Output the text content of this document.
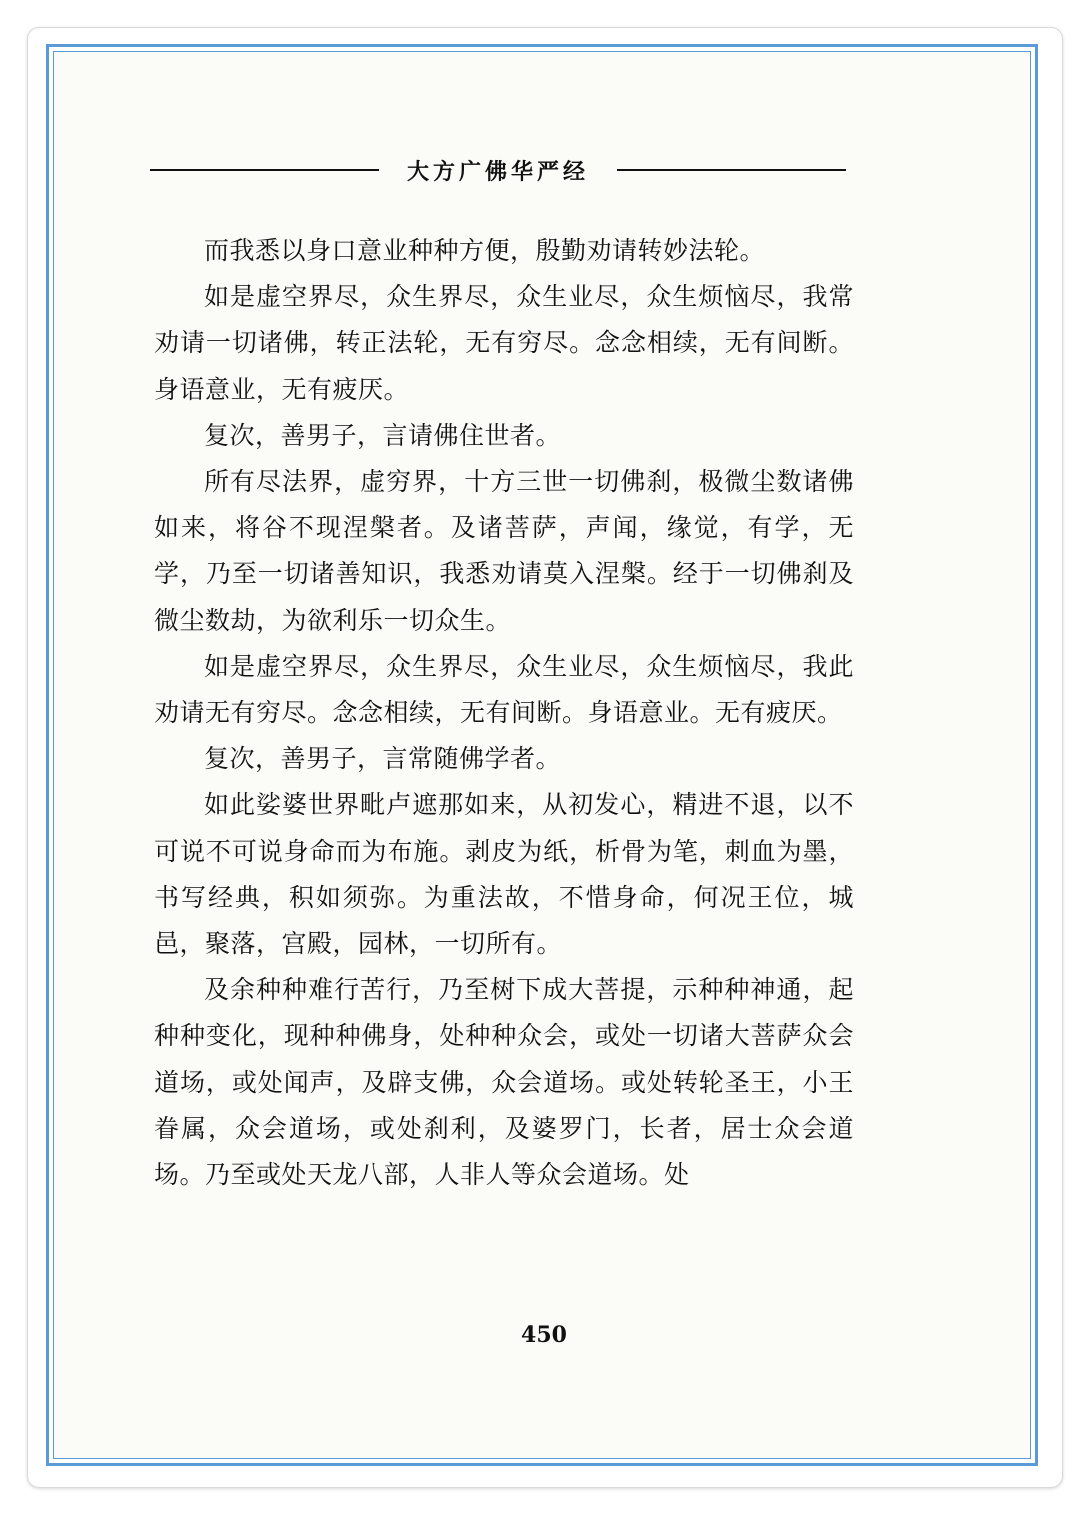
大方广佛华严经

而我悉以身口意业种种方便，殷勤劝请转妙法轮。

如是虚空界尽，众生界尽，众生业尽，众生烦恼尽，我常劝请一切诸佛，转正法轮，无有穷尽。念念相续，无有间断。身语意业，无有疲厌。

复次，善男子，言请佛住世者。

所有尽法界，虚穷界，十方三世一切佛刹，极微尘数诸佛如来，将谷不现涅槃者。及诸菩萨，声闻，缘觉，有学，无学，乃至一切诸善知识，我悉劝请莫入涅槃。经于一切佛刹及微尘数劫，为欲利乐一切众生。

如是虚空界尽，众生界尽，众生业尽，众生烦恼尽，我此劝请无有穷尽。念念相续，无有间断。身语意业。无有疲厌。

复次，善男子，言常随佛学者。

如此娑婆世界毗卢遮那如来，从初发心，精进不退，以不可说不可说身命而为布施。剥皮为纸，析骨为笔，刺血为墨，书写经典，积如须弥。为重法故，不惜身命，何况王位，城邑，聚落，宫殿，园林，一切所有。

及余种种难行苦行，乃至树下成大菩提，示种种神通，起种种变化，现种种佛身，处种种众会，或处一切诸大菩萨众会道场，或处闻声，及辟支佛，众会道场。或处转轮圣王，小王眷属，众会道场，或处刹利，及婆罗门，长者，居士众会道场。乃至或处天龙八部，人非人等众会道场。处

450
